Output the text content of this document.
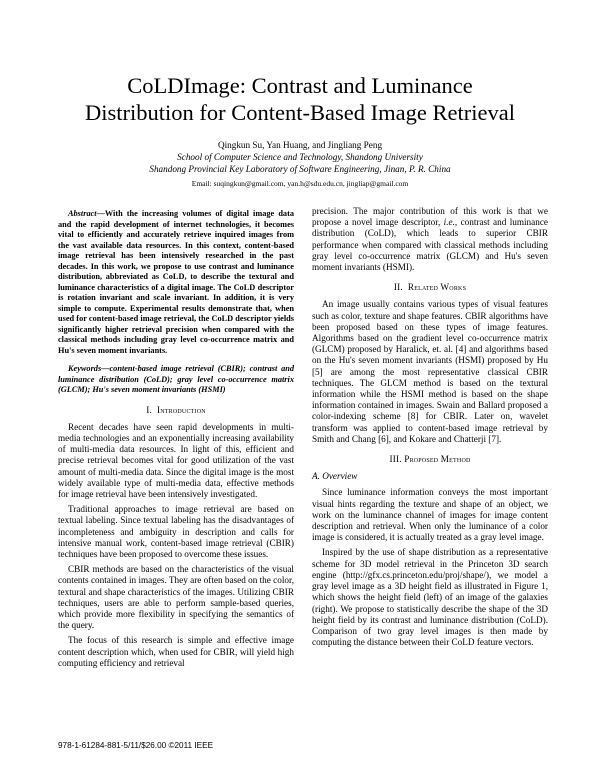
CoLDImage: Contrast and Luminance
Distribution for Content-Based Image Retrieval
Qingkun Su, Yan Huang, and Jingliang Peng
School of Computer Science and Technology, Shandong University
Shandong Provincial Key Laboratory of Software Engineering, Jinan, P. R. China
Email: suqingkun@gmail.com, yan.h@sdu.edu.cn, jingliap@gmail.com

Abstract—With the increasing volumes of digital image data and the rapid development of internet technologies, it becomes vital to efficiently and accurately retrieve inquired images from the vast available data resources. In this context, content-based image retrieval has been intensively researched in the past decades. In this work, we propose to use contrast and luminance distribution, abbreviated as CoLD, to describe the textural and luminance characteristics of a digital image. The CoLD descriptor is rotation invariant and scale invariant. In addition, it is very simple to compute. Experimental results demonstrate that, when used for content-based image retrieval, the CoLD descriptor yields significantly higher retrieval precision when compared with the classical methods including gray level co-occurrence matrix and Hu's seven moment invariants.

Keywords—content-based image retrieval (CBIR); contrast and luminance distribution (CoLD); gray level co-occurrence matrix (GLCM); Hu's seven moment invariants (HSMI)

I. Introduction

Recent decades have seen rapid developments in multi-media technologies and an exponentially increasing availability of multi-media data resources. In light of this, efficient and precise retrieval becomes vital for good utilization of the vast amount of multi-media data. Since the digital image is the most widely available type of multi-media data, effective methods for image retrieval have been intensively investigated.

Traditional approaches to image retrieval are based on textual labeling. Since textual labeling has the disadvantages of incompleteness and ambiguity in description and calls for intensive manual work, content-based image retrieval (CBIR) techniques have been proposed to overcome these issues.

CBIR methods are based on the characteristics of the visual contents contained in images. They are often based on the color, textural and shape characteristics of the images. Utilizing CBIR techniques, users are able to perform sample-based queries, which provide more flexibility in specifying the semantics of the query.

The focus of this research is simple and effective image content description which, when used for CBIR, will yield high computing efficiency and retrieval

precision. The major contribution of this work is that we propose a novel image descriptor, i.e., contrast and luminance distribution (CoLD), which leads to superior CBIR performance when compared with classical methods including gray level co-occurrence matrix (GLCM) and Hu's seven moment invariants (HSMI).

II. Related Works

An image usually contains various types of visual features such as color, texture and shape features. CBIR algorithms have been proposed based on these types of image features. Algorithms based on the gradient level co-occurrence matrix (GLCM) proposed by Haralick, et. al. [4] and algorithms based on the Hu's seven moment invariants (HSMI) proposed by Hu [5] are among the most representative classical CBIR techniques. The GLCM method is based on the textural information while the HSMI method is based on the shape information contained in images. Swain and Ballard proposed a color-indexing scheme [8] for CBIR. Later on, wavelet transform was applied to content-based image retrieval by Smith and Chang [6], and Kokare and Chatterji [7].

III. Proposed Method
A. Overview

Since luminance information conveys the most important visual hints regarding the texture and shape of an object, we work on the luminance channel of images for image content description and retrieval. When only the luminance of a color image is considered, it is actually treated as a gray level image.

Inspired by the use of shape distribution as a representative scheme for 3D model retrieval in the Princeton 3D search engine (http://gfx.cs.princeton.edu/proj/shape/), we model a gray level image as a 3D height field as illustrated in Figure 1, which shows the height field (left) of an image of the galaxies (right). We propose to statistically describe the shape of the 3D height field by its contrast and luminance distribution (CoLD). Comparison of two gray level images is then made by computing the distance between their CoLD feature vectors.

978-1-61284-881-5/11/$26.00 ©2011 IEEE
